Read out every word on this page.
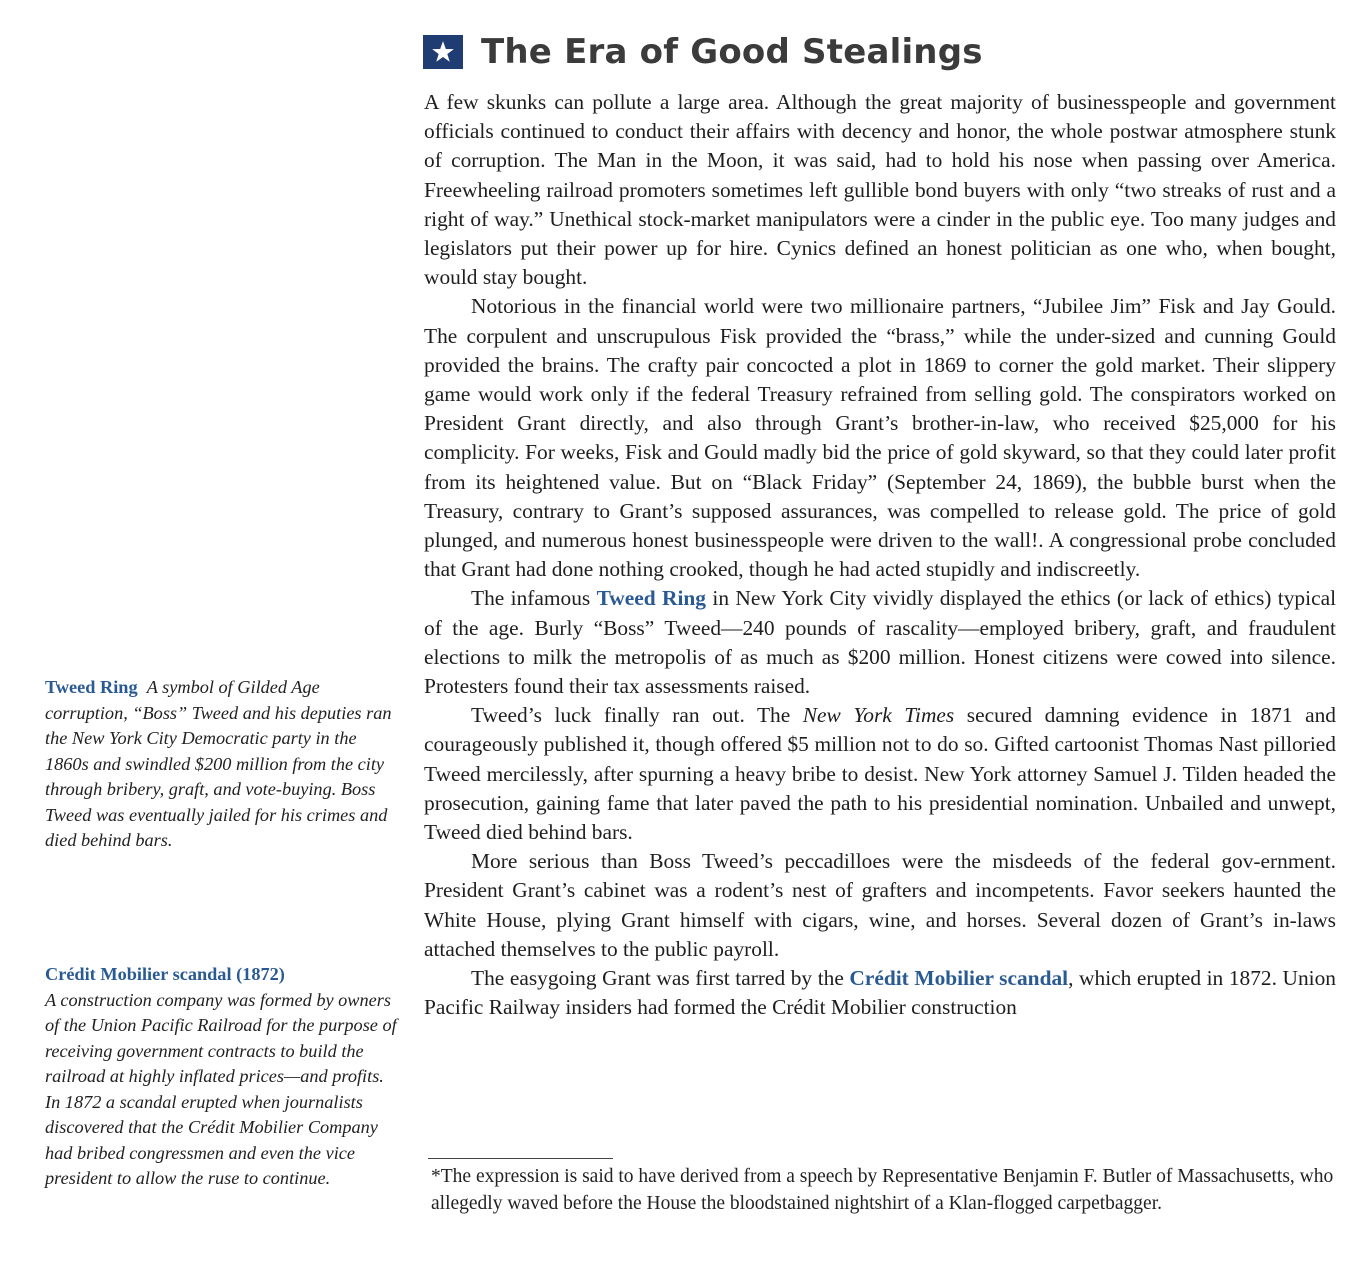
The Era of Good Stealings

A few skunks can pollute a large area. Although the great majority of businesspeople and government officials continued to conduct their affairs with decency and honor, the whole postwar atmosphere stunk of corruption. The Man in the Moon, it was said, had to hold his nose when passing over America. Freewheeling railroad promoters sometimes left gullible bond buyers with only “two streaks of rust and a right of way.” Unethical stock-market manipulators were a cinder in the public eye. Too many judges and legislators put their power up for hire. Cynics defined an honest politician as one who, when bought, would stay bought.

Notorious in the financial world were two millionaire partners, “Jubilee Jim” Fisk and Jay Gould. The corpulent and unscrupulous Fisk provided the “brass,” while the under-sized and cunning Gould provided the brains. The crafty pair concocted a plot in 1869 to corner the gold market. Their slippery game would work only if the federal Treasury refrained from selling gold. The conspirators worked on President Grant directly, and also through Grant’s brother-in-law, who received $25,000 for his complicity. For weeks, Fisk and Gould madly bid the price of gold skyward, so that they could later profit from its heightened value. But on “Black Friday” (September 24, 1869), the bubble burst when the Treasury, contrary to Grant’s supposed assurances, was compelled to release gold. The price of gold plunged, and numerous honest businesspeople were driven to the wall!. A congressional probe concluded that Grant had done nothing crooked, though he had acted stupidly and indiscreetly.

The infamous Tweed Ring in New York City vividly displayed the ethics (or lack of ethics) typical of the age. Burly “Boss” Tweed—240 pounds of rascality—employed bribery, graft, and fraudulent elections to milk the metropolis of as much as $200 million. Honest citizens were cowed into silence. Protesters found their tax assessments raised.

Tweed’s luck finally ran out. The New York Times secured damning evidence in 1871 and courageously published it, though offered $5 million not to do so. Gifted cartoonist Thomas Nast pilloried Tweed mercilessly, after spurning a heavy bribe to desist. New York attorney Samuel J. Tilden headed the prosecution, gaining fame that later paved the path to his presidential nomination. Unbailed and unwept, Tweed died behind bars.

More serious than Boss Tweed’s peccadilloes were the misdeeds of the federal gov-ernment. President Grant’s cabinet was a rodent’s nest of grafters and incompetents. Favor seekers haunted the White House, plying Grant himself with cigars, wine, and horses. Several dozen of Grant’s in-laws attached themselves to the public payroll.

The easygoing Grant was first tarred by the Crédit Mobilier scandal, which erupted in 1872. Union Pacific Railway insiders had formed the Crédit Mobilier construction

*The expression is said to have derived from a speech by Representative Benjamin F. Butler of Massachusetts, who allegedly waved before the House the bloodstained nightshirt of a Klan-flogged carpetbagger.
Tweed Ring A symbol of Gilded Age corruption, “Boss” Tweed and his deputies ran the New York City Democratic party in the 1860s and swindled $200 million from the city through bribery, graft, and vote-buying. Boss Tweed was eventually jailed for his crimes and died behind bars.
Crédit Mobilier scandal (1872)
A construction company was formed by owners of the Union Pacific Railroad for the purpose of receiving government contracts to build the railroad at highly inflated prices—and profits. In 1872 a scandal erupted when journalists discovered that the Crédit Mobilier Company had bribed congressmen and even the vice president to allow the ruse to continue.
